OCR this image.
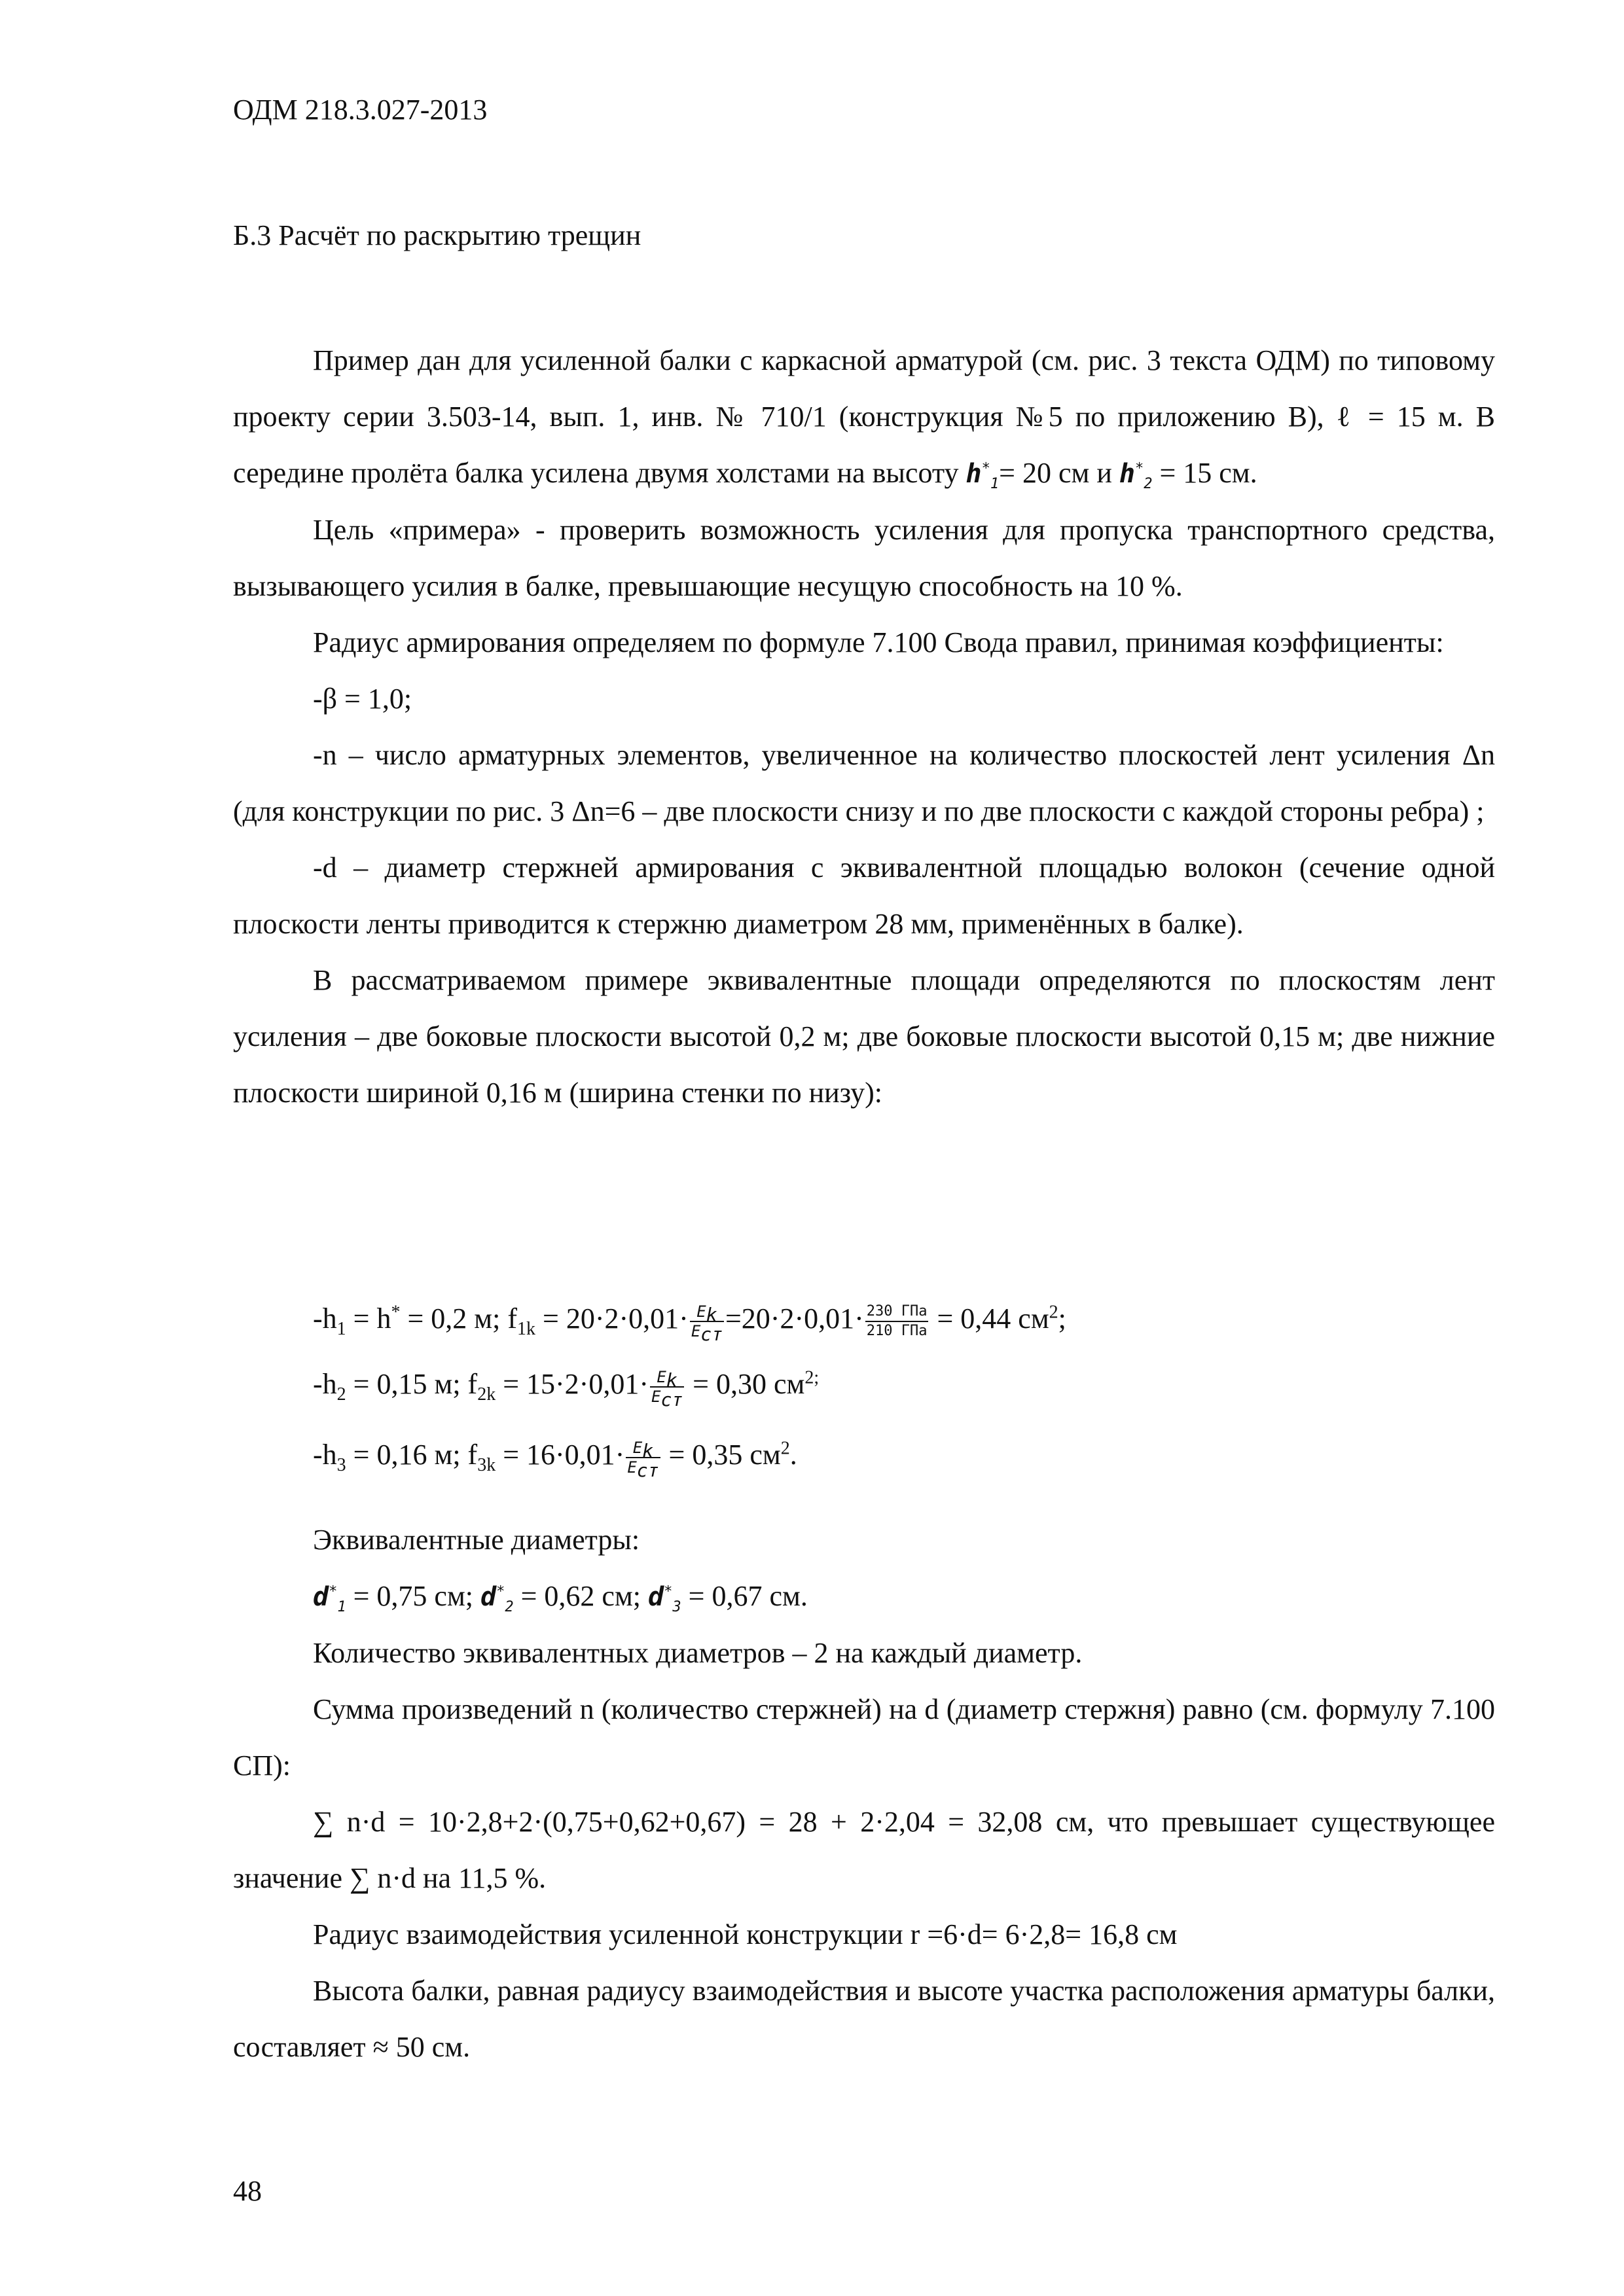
ОДМ 218.3.027-2013
Б.3 Расчёт по раскрытию трещин

Пример дан для усиленной балки с каркасной арматурой (см. рис. 3 текста ОДМ) по типовому проекту серии 3.503-14, вып. 1, инв. № 710/1 (конструкция №5 по приложению В), ℓ = 15 м. В середине пролёта балка усилена двумя холстами на высоту $h^*_1= 20$ см и $h^*_2 = 15$ см.

Цель «примера» - проверить возможность усиления для пропуска транспортного средства, вызывающего усилия в балке, превышающие несущую способность на 10 %.

Радиус армирования определяем по формуле 7.100 Свода правил, принимая коэффициенты:

-β = 1,0;

-n – число арматурных элементов, увеличенное на количество плоскостей лент усиления Δn (для конструкции по рис. 3 Δn=6 – две плоскости снизу и по две плоскости с каждой стороны ребра) ;

-d – диаметр стержней армирования с эквивалентной площадью волокон (сечение одной плоскости ленты приводится к стержню диаметром 28 мм, применённых в балке).

В рассматриваемом примере эквивалентные площади определяются по плоскостям лент усиления – две боковые плоскости высотой 0,2 м; две боковые плоскости высотой 0,15 м; две нижние плоскости шириной 0,16 м (ширина стенки по низу):

$-h_1 = h^* = 0,2$ м; $f_{1k} = 20\cdot 2\cdot 0,01\cdot \frac{E_k}{E_{ст}} =20\cdot 2\cdot 0,01\cdot \frac{\text{230 ГПа}}{\text{210 ГПа}} = 0,44$ $см^2$;

$-h_2 = 0,15$ м; $f_{2k} = 15\cdot 2\cdot 0,01\cdot \frac{E_k}{E_{ст}} = 0,30$ $см^{2;}$

$-h_3 = 0,16$ м; $f_{3k} = 16\cdot 0,01\cdot \frac{E_k}{E_{ст}} = 0,35$ $см^2$.

Эквивалентные диаметры:

$d^*_1 = 0,75$ см; $d^*_2 = 0,62$ см; $d^*_3 = 0,67$ см.

Количество эквивалентных диаметров – 2 на каждый диаметр.

Сумма произведений n (количество стержней) на d (диаметр стержня) равно (см. формулу 7.100 СП):

∑ n·d = 10·2,8+2·(0,75+0,62+0,67) = 28 + 2·2,04 = 32,08 см, что превышает существующее значение ∑ n·d на 11,5 %.

Радиус взаимодействия усиленной конструкции r =6·d= 6·2,8= 16,8 см

Высота балки, равная радиусу взаимодействия и высоте участка расположения арматуры балки, составляет ≈ 50 см.

48
